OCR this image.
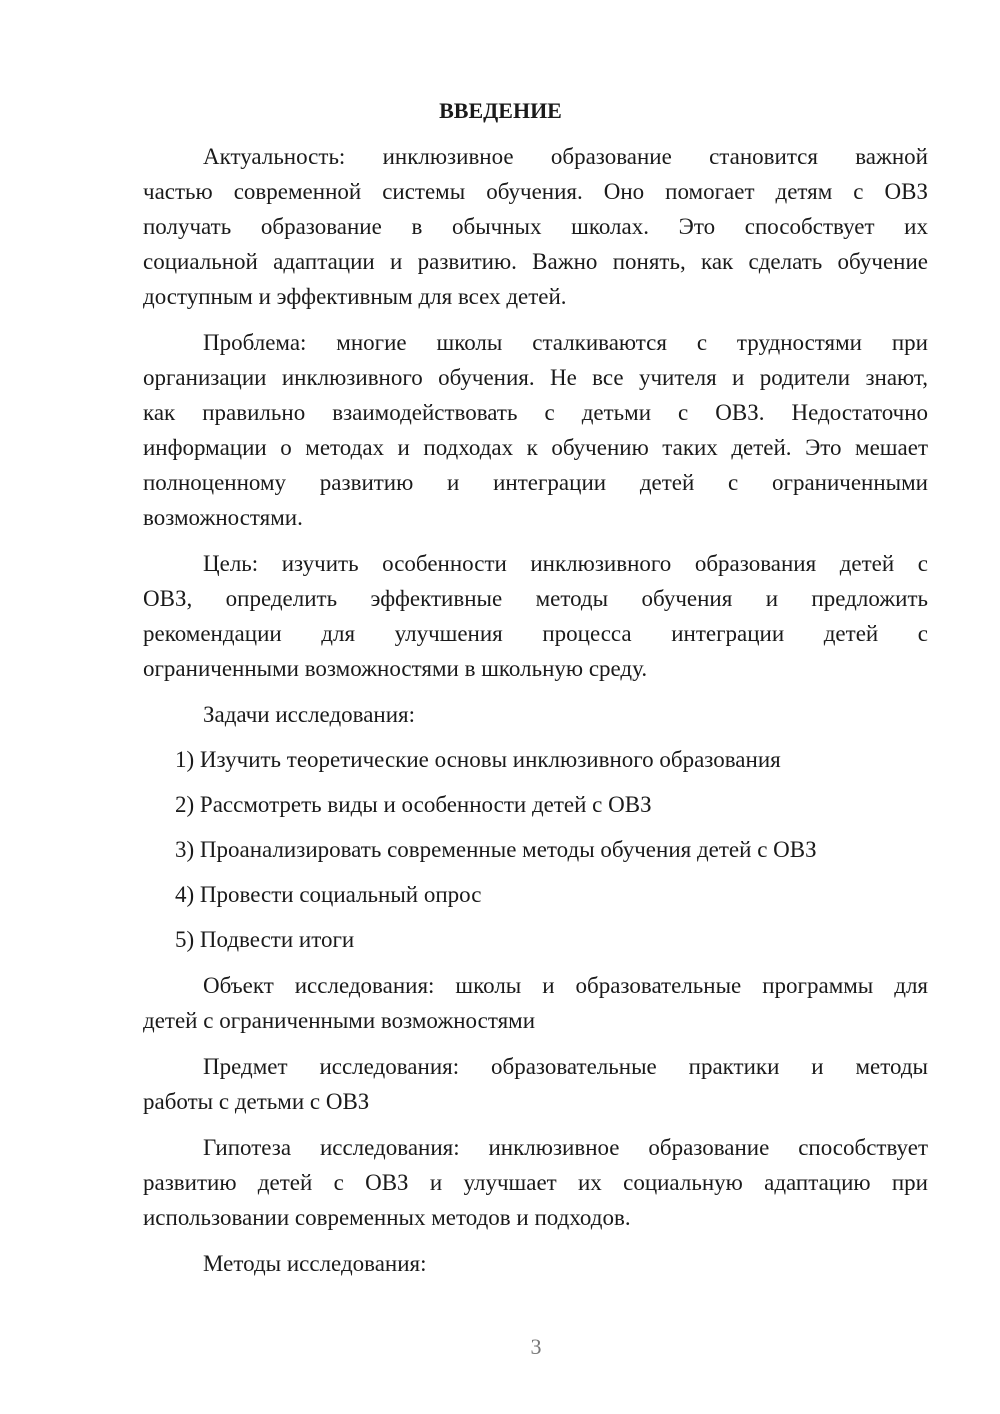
ВВЕДЕНИЕ
Актуальность: инклюзивное образование становится важной
частью современной системы обучения. Оно помогает детям с ОВЗ
получать образование в обычных школах. Это способствует их
социальной адаптации и развитию. Важно понять, как сделать обучение
доступным и эффективным для всех детей.
Проблема: многие школы сталкиваются с трудностями при
организации инклюзивного обучения. Не все учителя и родители знают,
как правильно взаимодействовать с детьми с ОВЗ. Недостаточно
информации о методах и подходах к обучению таких детей. Это мешает
полноценному развитию и интеграции детей с ограниченными
возможностями.
Цель: изучить особенности инклюзивного образования детей с
ОВЗ, определить эффективные методы обучения и предложить
рекомендации для улучшения процесса интеграции детей с
ограниченными возможностями в школьную среду.
Задачи исследования:
1) Изучить теоретические основы инклюзивного образования
2) Рассмотреть виды и особенности детей с ОВЗ
3) Проанализировать современные методы обучения детей с ОВЗ
4) Провести социальный опрос
5) Подвести итоги
Объект исследования: школы и образовательные программы для
детей с ограниченными возможностями
Предмет исследования: образовательные практики и методы
работы с детьми с ОВЗ
Гипотеза исследования: инклюзивное образование способствует
развитию детей с ОВЗ и улучшает их социальную адаптацию при
использовании современных методов и подходов.
Методы исследования:
3
